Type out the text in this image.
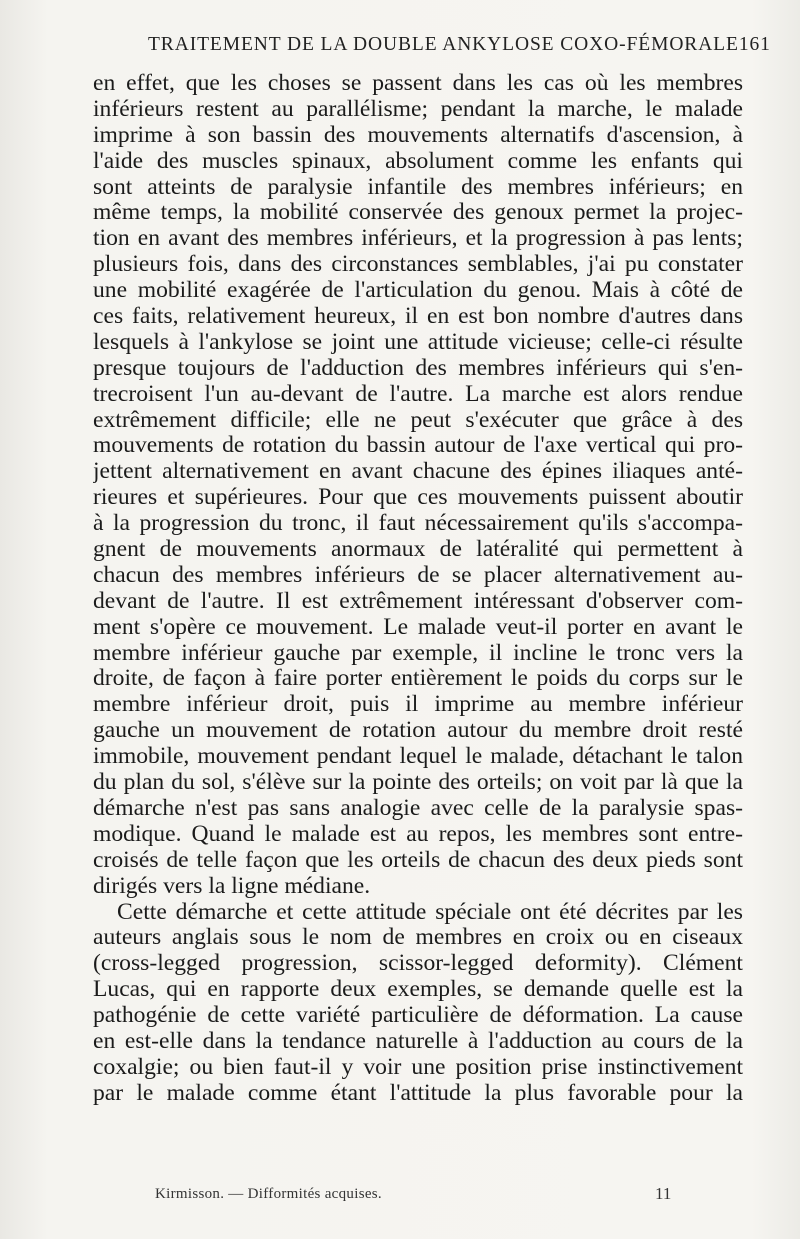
TRAITEMENT DE LA DOUBLE ANKYLOSE COXO-FÉMORALE 161
en effet, que les choses se passent dans les cas où les membres
inférieurs restent au parallélisme; pendant la marche, le malade
imprime à son bassin des mouvements alternatifs d'ascension, à
l'aide des muscles spinaux, absolument comme les enfants qui
sont atteints de paralysie infantile des membres inférieurs; en
même temps, la mobilité conservée des genoux permet la projec-
tion en avant des membres inférieurs, et la progression à pas lents;
plusieurs fois, dans des circonstances semblables, j'ai pu constater
une mobilité exagérée de l'articulation du genou. Mais à côté de
ces faits, relativement heureux, il en est bon nombre d'autres dans
lesquels à l'ankylose se joint une attitude vicieuse; celle-ci résulte
presque toujours de l'adduction des membres inférieurs qui s'en-
trecroisent l'un au-devant de l'autre. La marche est alors rendue
extrêmement difficile; elle ne peut s'exécuter que grâce à des
mouvements de rotation du bassin autour de l'axe vertical qui pro-
jettent alternativement en avant chacune des épines iliaques anté-
rieures et supérieures. Pour que ces mouvements puissent aboutir
à la progression du tronc, il faut nécessairement qu'ils s'accompa-
gnent de mouvements anormaux de latéralité qui permettent à
chacun des membres inférieurs de se placer alternativement au-
devant de l'autre. Il est extrêmement intéressant d'observer com-
ment s'opère ce mouvement. Le malade veut-il porter en avant le
membre inférieur gauche par exemple, il incline le tronc vers la
droite, de façon à faire porter entièrement le poids du corps sur le
membre inférieur droit, puis il imprime au membre inférieur
gauche un mouvement de rotation autour du membre droit resté
immobile, mouvement pendant lequel le malade, détachant le talon
du plan du sol, s'élève sur la pointe des orteils; on voit par là que la
démarche n'est pas sans analogie avec celle de la paralysie spas-
modique. Quand le malade est au repos, les membres sont entre-
croisés de telle façon que les orteils de chacun des deux pieds sont
dirigés vers la ligne médiane.
Cette démarche et cette attitude spéciale ont été décrites par les
auteurs anglais sous le nom de membres en croix ou en ciseaux
(cross-legged progression, scissor-legged deformity). Clément
Lucas, qui en rapporte deux exemples, se demande quelle est la
pathogénie de cette variété particulière de déformation. La cause
en est-elle dans la tendance naturelle à l'adduction au cours de la
coxalgie; ou bien faut-il y voir une position prise instinctivement
par le malade comme étant l'attitude la plus favorable pour la
Kirmisson. — Difformités acquises.	11
